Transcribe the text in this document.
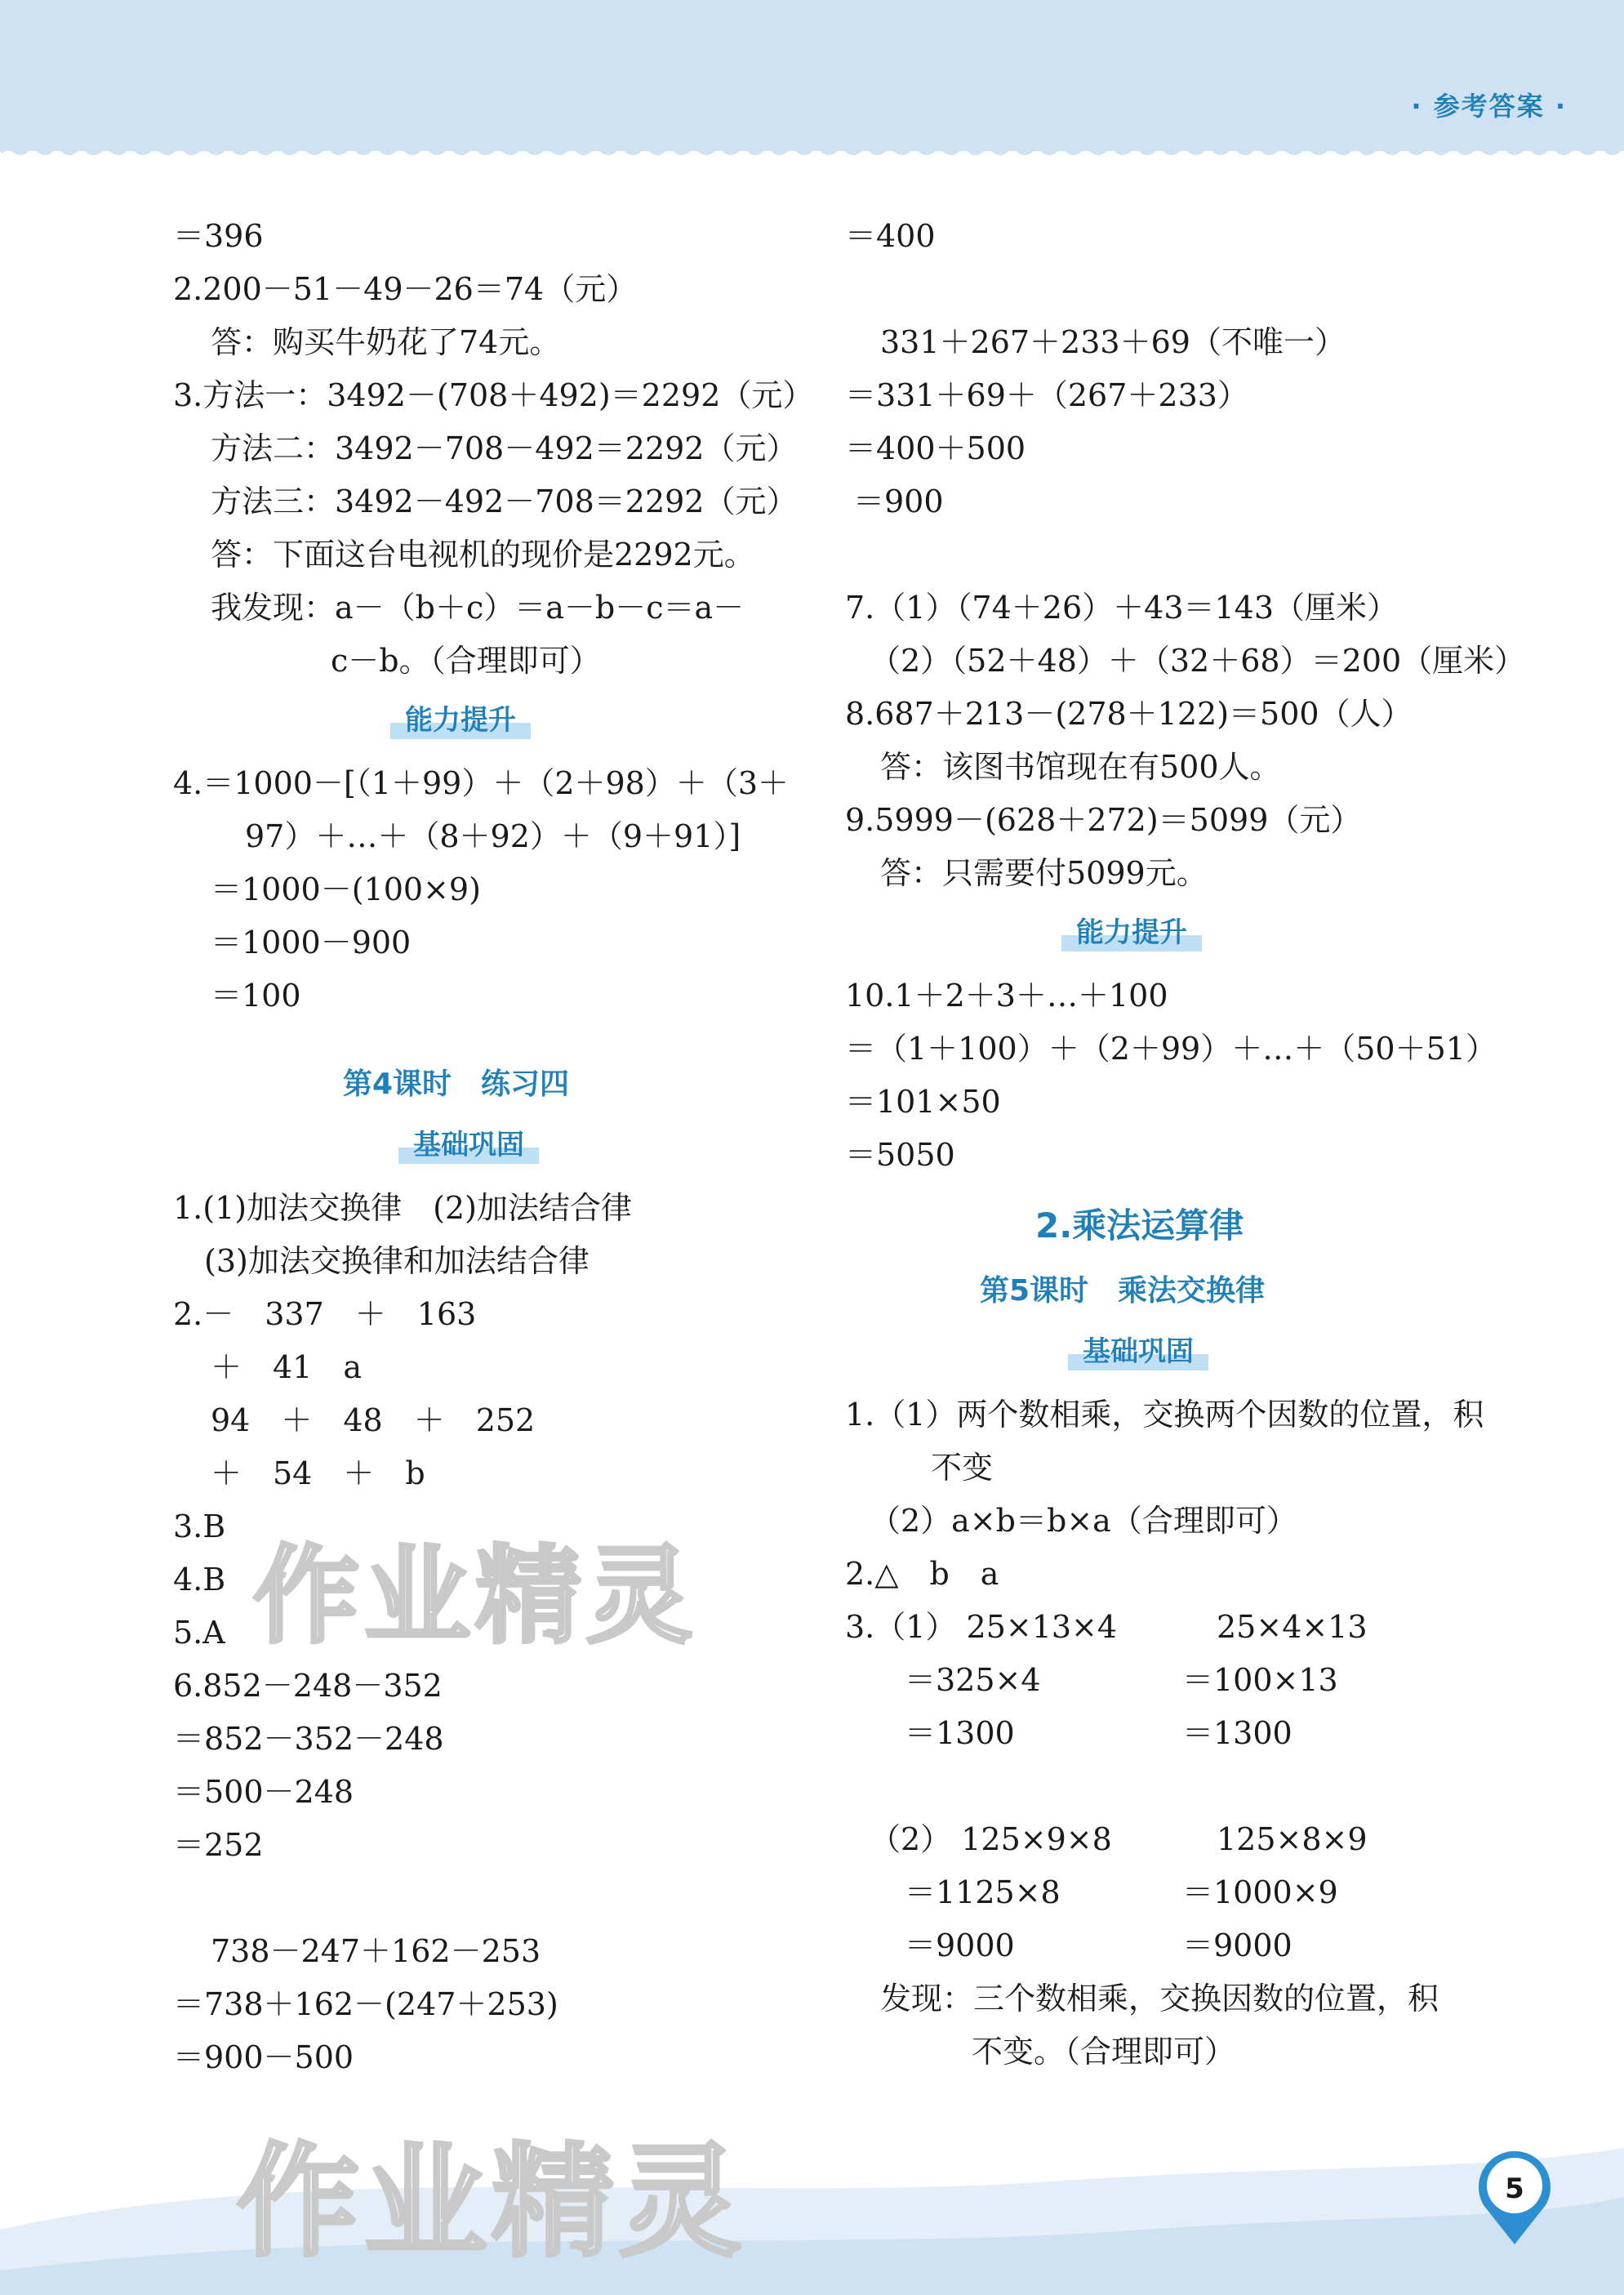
· 参考答案 ·
作业精灵
作业精灵	5
＝396
2.200－51－49－26＝74（元）
答：购买牛奶花了74元。
3.方法一：3492－(708＋492)＝2292（元）
方法二：3492－708－492＝2292（元）
方法三：3492－492－708＝2292（元）
答：下面这台电视机的现价是2292元。
我发现：a－（b＋c）＝a－b－c＝a－
c－b。（合理即可）
能力提升
4.＝1000－[（1＋99）＋（2＋98）＋（3＋
97）＋…＋（8＋92）＋（9＋91）]
＝1000－(100×9)
＝1000－900
＝100
第4课时　练习四
基础巩固
1.(1)加法交换律　(2)加法结合律
(3)加法交换律和加法结合律
2.－　337　＋　163
＋　41　a
94　＋　48　＋　252
＋　54　＋　b
3.B
4.B
5.A
6.852－248－352
＝852－352－248
＝500－248
＝252
738－247＋162－253
＝738＋162－(247＋253)
＝900－500
＝400
331＋267＋233＋69（不唯一）
＝331＋69＋（267＋233）
＝400＋500
＝900
7.（1）（74＋26）＋43＝143（厘米）
（2）（52＋48）＋（32＋68）＝200（厘米）
8.687＋213－(278＋122)＝500（人）
答：该图书馆现在有500人。
9.5999－(628＋272)＝5099（元）
答：只需要付5099元。
能力提升
10.1＋2＋3＋…＋100
＝（1＋100）＋（2＋99）＋…＋（50＋51）
＝101×50
＝5050
2.乘法运算律
第5课时　乘法交换律
基础巩固
1.（1）两个数相乘，交换两个因数的位置，积
不变
（2）a×b＝b×a（合理即可）
2.△　b　a
3.（1） 25×13×4	25×4×13
＝325×4	＝100×13
＝1300	＝1300
（2） 125×9×8	125×8×9
＝1125×8	＝1000×9
＝9000	＝9000
发现：三个数相乘，交换因数的位置，积
不变。（合理即可）
